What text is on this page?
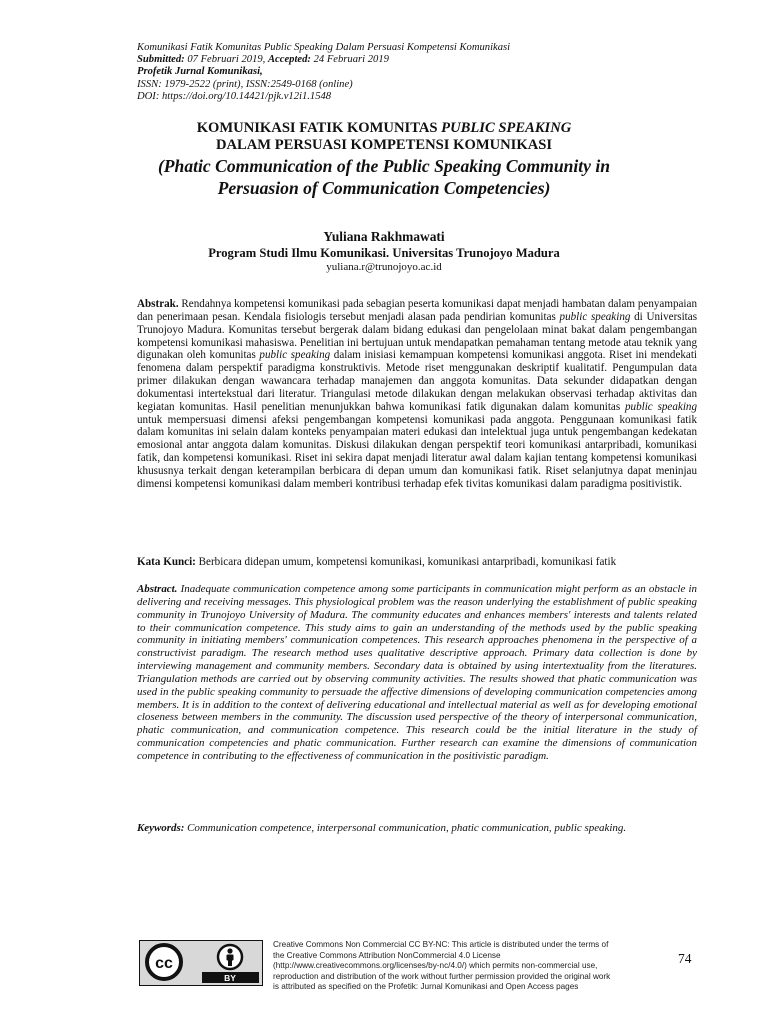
Komunikasi Fatik Komunitas Public Speaking Dalam Persuasi Kompetensi Komunikasi
Submitted: 07 Februari 2019, Accepted: 24 Februari 2019
Profetik Jurnal Komunikasi,
ISSN: 1979-2522 (print), ISSN:2549-0168 (online)
DOI: https://doi.org/10.14421/pjk.v12i1.1548
KOMUNIKASI FATIK KOMUNITAS PUBLIC SPEAKING
DALAM PERSUASI KOMPETENSI KOMUNIKASI
(Phatic Communication of the Public Speaking Community in
Persuasion of Communication Competencies)
Yuliana Rakhmawati
Program Studi Ilmu Komunikasi. Universitas Trunojoyo Madura
yuliana.r@trunojoyo.ac.id
Abstrak. Rendahnya kompetensi komunikasi pada sebagian peserta komunikasi dapat menjadi hambatan dalam penyampaian dan penerimaan pesan. Kendala fisiologis tersebut menjadi alasan pada pendirian komunitas public speaking di Universitas Trunojoyo Madura. Komunitas tersebut bergerak dalam bidang edukasi dan pengelolaan minat bakat dalam pengembangan kompetensi komunikasi mahasiswa. Penelitian ini bertujuan untuk mendapatkan pemahaman tentang metode atau teknik yang digunakan oleh komunitas public speaking dalam inisiasi kemampuan kompetensi komunikasi anggota. Riset ini mendekati fenomena dalam perspektif paradigma konstruktivis. Metode riset menggunakan deskriptif kualitatif. Pengumpulan data primer dilakukan dengan wawancara terhadap manajemen dan anggota komunitas. Data sekunder didapatkan dengan dokumentasi intertekstual dari literatur. Triangulasi metode dilakukan dengan melakukan observasi terhadap aktivitas dan kegiatan komunitas. Hasil penelitian menunjukkan bahwa komunikasi fatik digunakan dalam komunitas public speaking untuk mempersuasi dimensi afeksi pengembangan kompetensi komunikasi pada anggota. Penggunaan komunikasi fatik dalam komunitas ini selain dalam konteks penyampaian materi edukasi dan intelektual juga untuk pengembangan kedekatan emosional antar anggota dalam komunitas. Diskusi dilakukan dengan perspektif teori komunikasi antarpribadi, komunikasi fatik, dan kompetensi komunikasi. Riset ini sekira dapat menjadi literatur awal dalam kajian tentang kompetensi komunikasi khususnya terkait dengan keterampilan berbicara di depan umum dan komunikasi fatik. Riset selanjutnya dapat meninjau dimensi kompetensi komunikasi dalam memberi kontribusi terhadap efek tivitas komunikasi dalam paradigma positivistik.
Kata Kunci: Berbicara didepan umum, kompetensi komunikasi, komunikasi antarpribadi, komunikasi fatik
Abstract. Inadequate communication competence among some participants in communication might perform as an obstacle in delivering and receiving messages. This physiological problem was the reason underlying the establishment of public speaking community in Trunojoyo University of Madura. The community educates and enhances members' interests and talents related to their communication competence. This study aims to gain an understanding of the methods used by the public speaking community in initiating members' communication competences. This research approaches phenomena in the perspective of a constructivist paradigm. The research method uses qualitative descriptive approach. Primary data collection is done by interviewing management and community members. Secondary data is obtained by using intertextuality from the literatures. Triangulation methods are carried out by observing community activities. The results showed that phatic communication was used in the public speaking community to persuade the affective dimensions of developing communication competencies among members. It is in addition to the context of delivering educational and intellectual material as well as for developing emotional closeness between members in the community. The discussion used perspective of the theory of interpersonal communication, phatic communication, and communication competence. This research could be the initial literature in the study of communication competencies and phatic communication. Further research can examine the dimensions of communication competence in contributing to the effectiveness of communication in the positivistic paradigm.
Keywords: Communication competence, interpersonal communication, phatic communication, public speaking.
cc
BY
Creative Commons Non Commercial CC BY-NC: This article is distributed under the terms of the Creative Commons Attribution NonCommercial 4.0 License (http://www.creativecommons.org/licenses/by-nc/4.0/) which permits non-commercial use, reproduction and distribution of the work without further permission provided the original work is attributed as specified on the Profetik: Jurnal Komunikasi and Open Access pages
74
